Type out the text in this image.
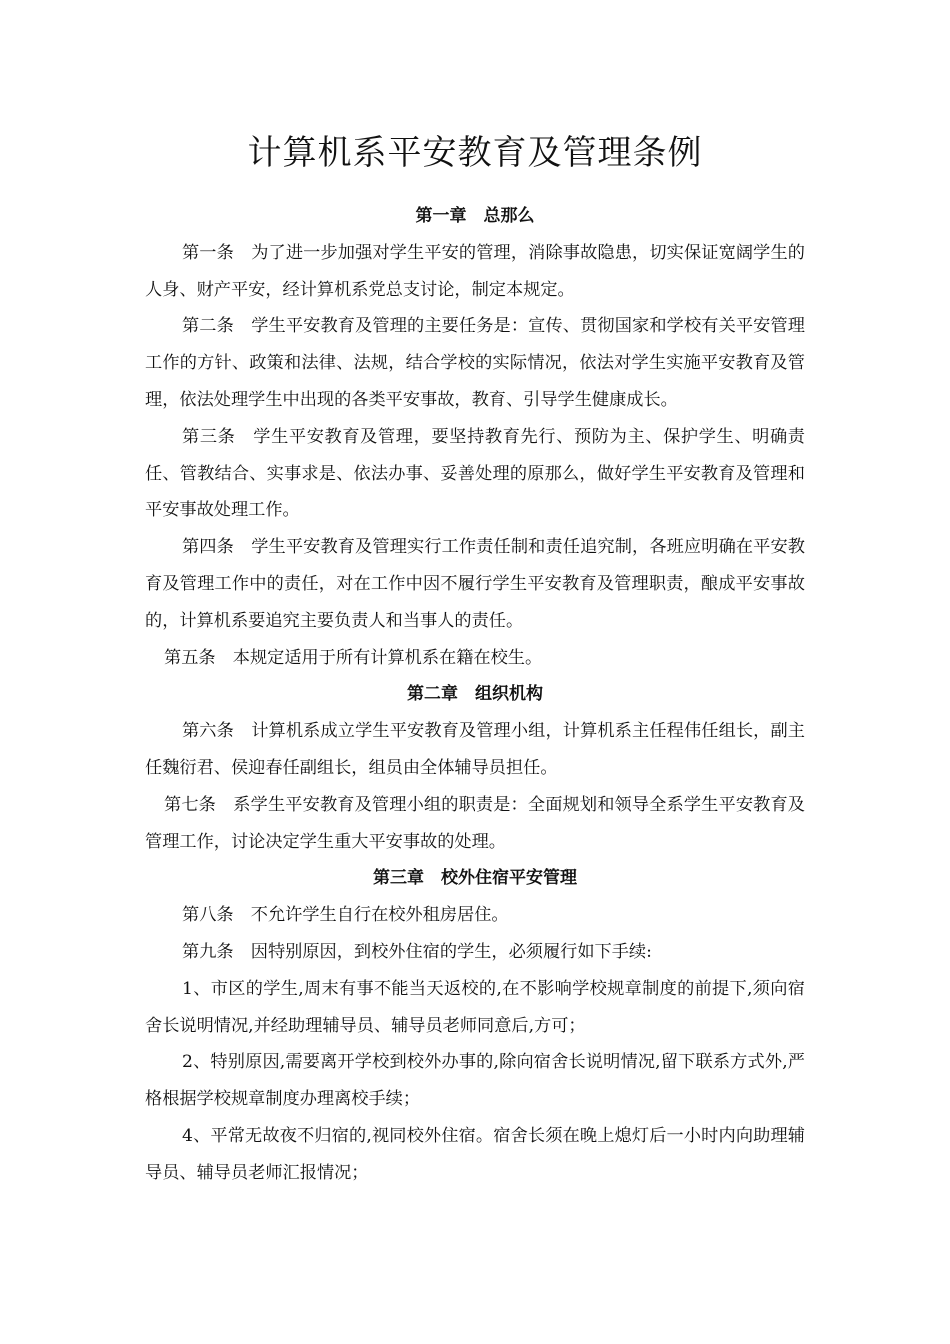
计算机系平安教育及管理条例

第一章　总那么

第一条　为了进一步加强对学生平安的管理，消除事故隐患，切实保证宽阔学生的人身、财产平安，经计算机系党总支讨论，制定本规定。

第二条　学生平安教育及管理的主要任务是：宣传、贯彻国家和学校有关平安管理工作的方针、政策和法律、法规，结合学校的实际情况，依法对学生实施平安教育及管理，依法处理学生中出现的各类平安事故，教育、引导学生健康成长。

第三条　学生平安教育及管理，要坚持教育先行、预防为主、保护学生、明确责任、管教结合、实事求是、依法办事、妥善处理的原那么，做好学生平安教育及管理和平安事故处理工作。

第四条　学生平安教育及管理实行工作责任制和责任追究制，各班应明确在平安教育及管理工作中的责任，对在工作中因不履行学生平安教育及管理职责，酿成平安事故的，计算机系要追究主要负责人和当事人的责任。

第五条　本规定适用于所有计算机系在籍在校生。

第二章　组织机构

第六条　计算机系成立学生平安教育及管理小组，计算机系主任程伟任组长，副主任魏衍君、侯迎春任副组长，组员由全体辅导员担任。

第七条　系学生平安教育及管理小组的职责是：全面规划和领导全系学生平安教育及管理工作，讨论决定学生重大平安事故的处理。

第三章　校外住宿平安管理

第八条　不允许学生自行在校外租房居住。

第九条　因特别原因，到校外住宿的学生，必须履行如下手续:

1、市区的学生,周末有事不能当天返校的,在不影响学校规章制度的前提下,须向宿舍长说明情况,并经助理辅导员、辅导员老师同意后,方可；

2、特别原因,需要离开学校到校外办事的,除向宿舍长说明情况,留下联系方式外,严格根据学校规章制度办理离校手续；

4、平常无故夜不归宿的,视同校外住宿。宿舍长须在晚上熄灯后一小时内向助理辅导员、辅导员老师汇报情况；
